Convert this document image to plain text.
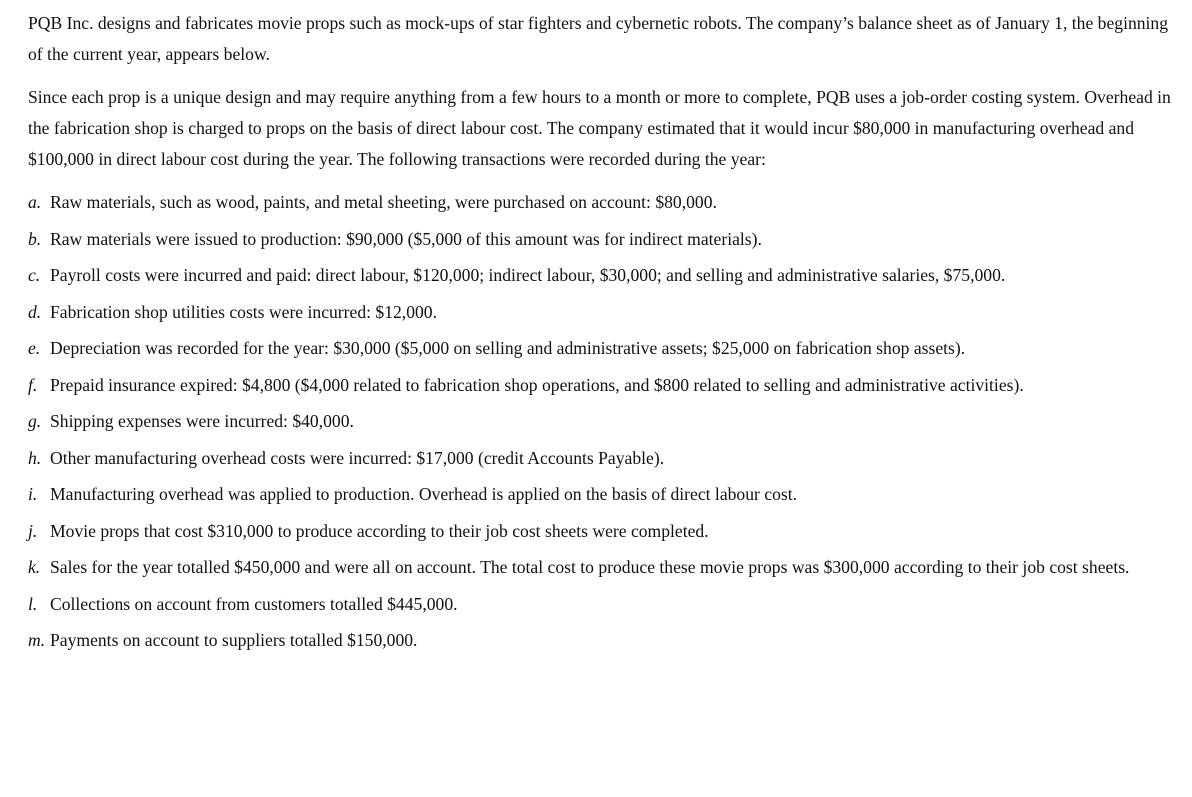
PQB Inc. designs and fabricates movie props such as mock-ups of star fighters and cybernetic robots. The company’s balance sheet as of January 1, the beginning of the current year, appears below.

Since each prop is a unique design and may require anything from a few hours to a month or more to complete, PQB uses a job-order costing system. Overhead in the fabrication shop is charged to props on the basis of direct labour cost. The company estimated that it would incur $80,000 in manufacturing overhead and $100,000 in direct labour cost during the year. The following transactions were recorded during the year:

a. Raw materials, such as wood, paints, and metal sheeting, were purchased on account: $80,000.
b. Raw materials were issued to production: $90,000 ($5,000 of this amount was for indirect materials).
c. Payroll costs were incurred and paid: direct labour, $120,000; indirect labour, $30,000; and selling and administrative salaries, $75,000.
d. Fabrication shop utilities costs were incurred: $12,000.
e. Depreciation was recorded for the year: $30,000 ($5,000 on selling and administrative assets; $25,000 on fabrication shop assets).
f. Prepaid insurance expired: $4,800 ($4,000 related to fabrication shop operations, and $800 related to selling and administrative activities).
g. Shipping expenses were incurred: $40,000.
h. Other manufacturing overhead costs were incurred: $17,000 (credit Accounts Payable).
i. Manufacturing overhead was applied to production. Overhead is applied on the basis of direct labour cost.
j. Movie props that cost $310,000 to produce according to their job cost sheets were completed.
k. Sales for the year totalled $450,000 and were all on account. The total cost to produce these movie props was $300,000 according to their job cost sheets.
l. Collections on account from customers totalled $445,000.
m. Payments on account to suppliers totalled $150,000.
